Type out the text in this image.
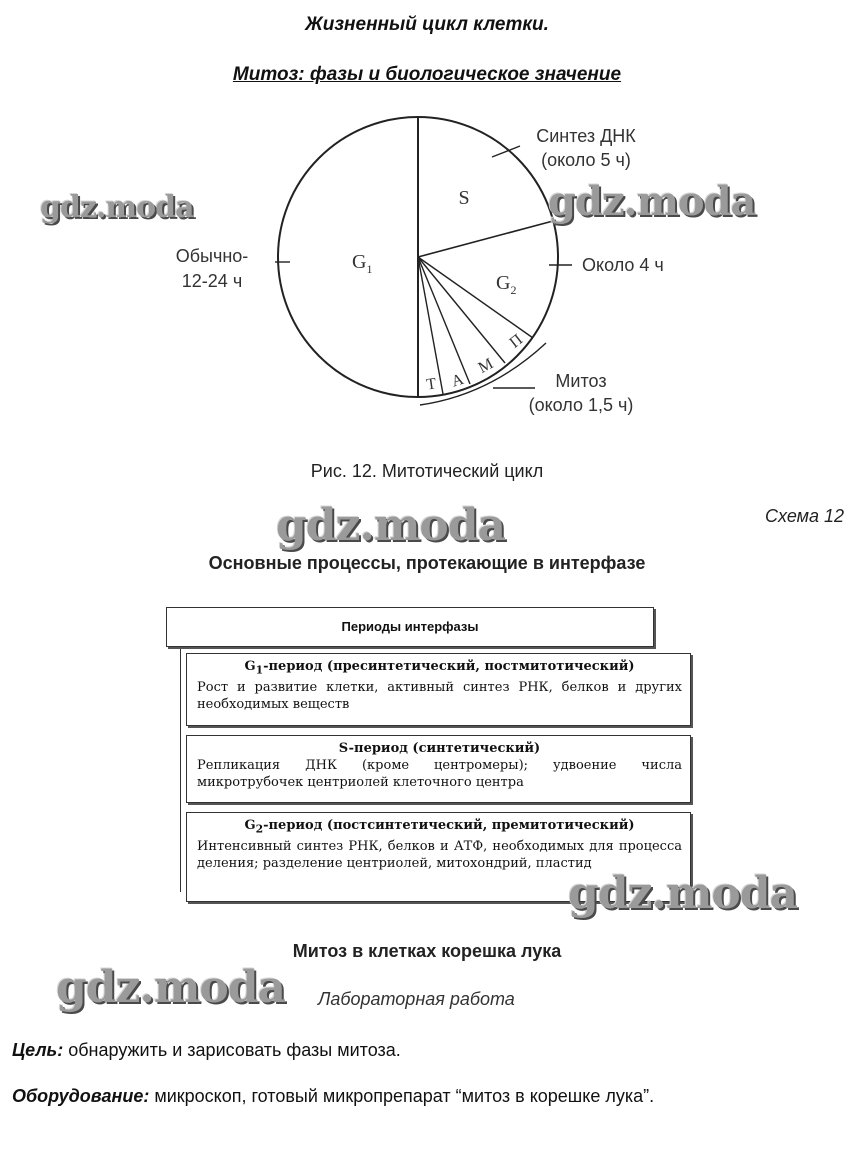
Жизненный цикл клетки.
Митоз: фазы и биологическое значение
S
$G_1$
$G_2$
П
М
А
Т
Синтез ДНК
(около 5 ч)
Обычно-
12-24 ч
Около 4 ч
Митоз
(около 1,5 ч)
Рис. 12. Митотический цикл
Схема 12
Основные процессы, протекающие в интерфазе
Периоды интерфазы
$G_1$-период (пресинтетический, постмитотический)
Рост и развитие клетки, активный синтез РНК, белков и других необходимых веществ
S-период (синтетический)
Репликация ДНК (кроме центромеры); удвоение числа микротрубочек центриолей клеточного центра
$G_2$-период (постсинтетический, премитотический)
Интенсивный синтез РНК, белков и АТФ, необходимых для процесса деления; разделение центриолей, митохондрий, пластид
Митоз в клетках корешка лука
Лабораторная работа
Цель: обнаружить и зарисовать фазы митоза.
Оборудование: микроскоп, готовый микропрепарат “митоз в корешке лука”.
gdz.moda	gdz.moda
gdz.moda
gdz.moda
gdz.moda
